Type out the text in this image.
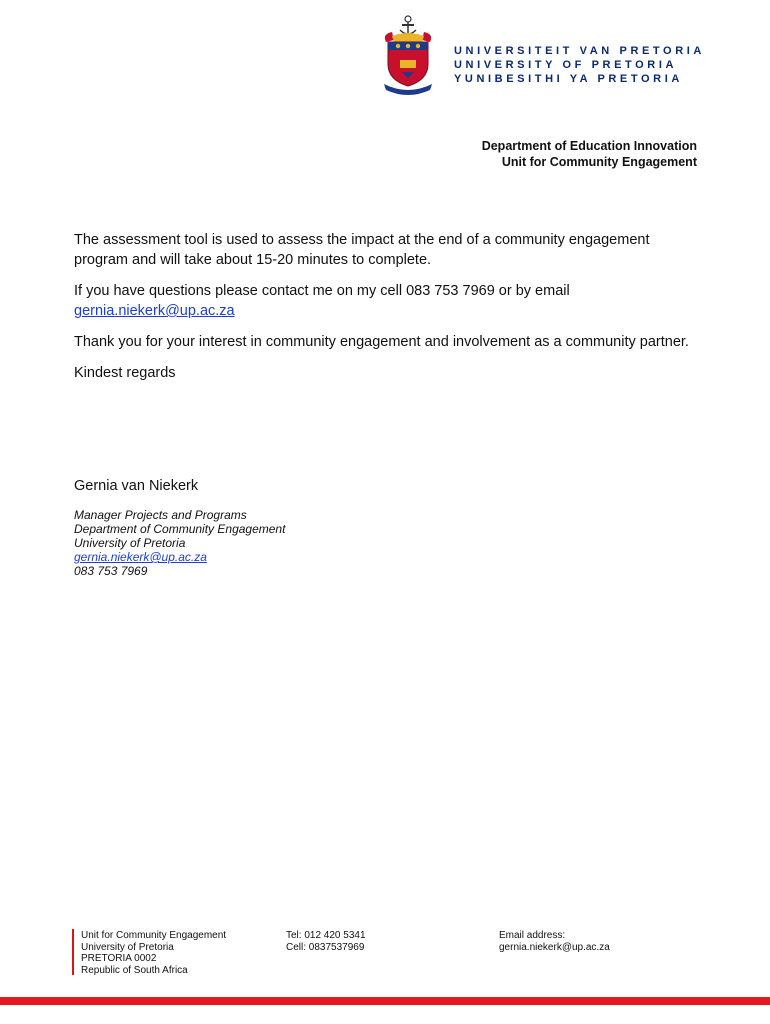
UNIVERSITEIT VAN PRETORIA
UNIVERSITY OF PRETORIA
YUNIBESITHI YA PRETORIA
Department of Education Innovation
Unit for Community Engagement

The assessment tool is used to assess the impact at the end of a community engagement program and will take about 15-20 minutes to complete.

If you have questions please contact me on my cell 083 753 7969 or by email
gernia.niekerk@up.ac.za

Thank you for your interest in community engagement and involvement as a community partner.

Kindest regards

Gernia van Niekerk
Manager Projects and Programs
Department of Community Engagement
University of Pretoria
gernia.niekerk@up.ac.za
083 753 7969
Unit for Community Engagement
University of Pretoria
PRETORIA 0002
Republic of South Africa
Tel: 012 420 5341
Cell: 0837537969
Email address:
gernia.niekerk@up.ac.za
